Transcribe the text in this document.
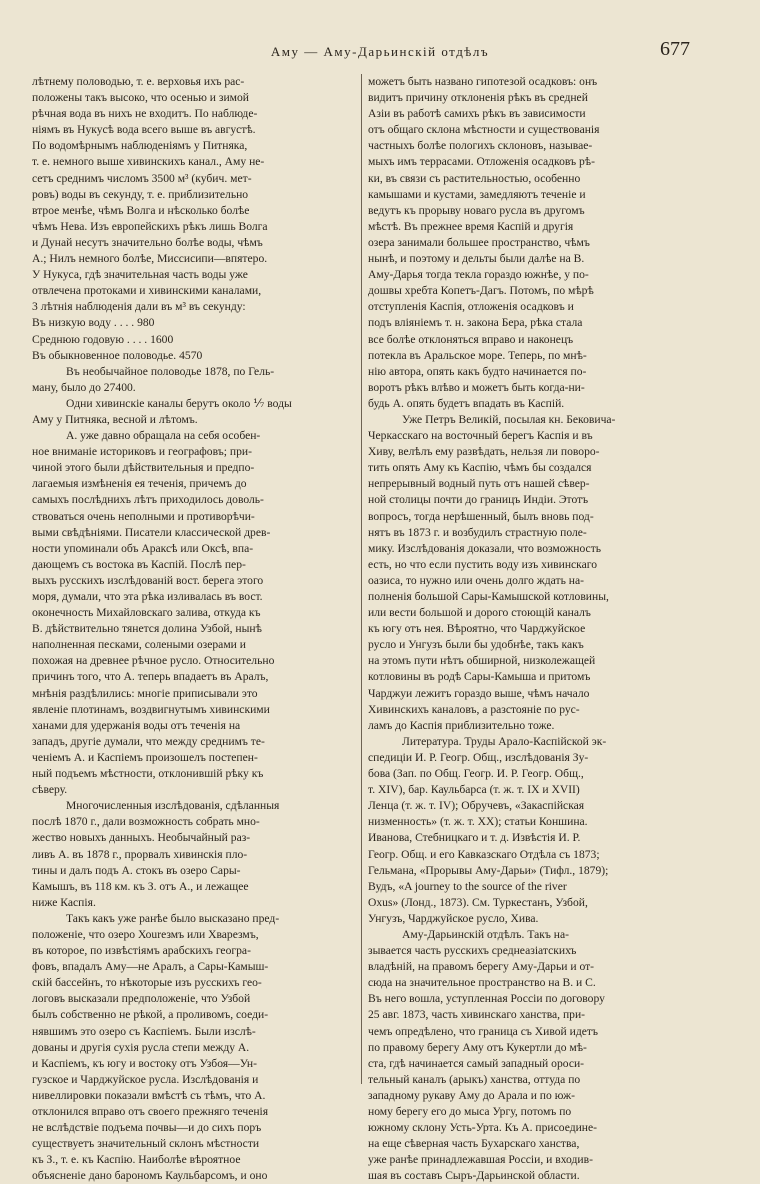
Аму — Аму-Дарьинскій отдѣлъ	677
лѣтнему половодью, т. е. верховья ихъ рас-
положены такъ высоко, что осенью и зимой
рѣчная вода въ нихъ не входитъ. По наблюде-
ніямъ въ Нукусѣ вода всего выше въ августѣ.
По водомѣрнымъ наблюденіямъ у Питняка,
т. е. немного выше хивинскихъ канал., Аму не-
сетъ среднимъ числомъ 3500 м³ (кубич. мет-
ровъ) воды въ секунду, т. е. приблизительно
втрое менѣе, чѣмъ Волга и нѣсколько болѣе
чѣмъ Нева. Изъ европейскихъ рѣкъ лишь Волга
и Дунай несутъ значительно болѣе воды, чѣмъ
А.; Нилъ немного болѣе, Миссисипи—впятеро.
У Нукуса, гдѣ значительная часть воды уже
отвлечена протоками и хивинскими каналами,
3 лѣтнія наблюденія дали въ м³ въ секунду:
Въ низкую воду . . . . 980
Среднюю годовую . . . . 1600
Въ обыкновенное половодье. 4570
Въ необычайное половодье 1878, по Гель-
ману, было до 27400.
Одни хивинскіе каналы берутъ около ⅐ воды
Аму у Питняка, весной и лѣтомъ.
А. уже давно обращала на себя особен-
ное вниманіе историковъ и географовъ; при-
чиной этого были дѣйствительныя и предпо-
лагаемыя измѣненія ея теченія, причемъ до
самыхъ послѣднихъ лѣтъ приходилось доволь-
ствоваться очень неполными и противорѣчи-
выми свѣдѣніями. Писатели классической древ-
ности упоминали объ Араксѣ или Оксѣ, впа-
дающемъ съ востока въ Каспій. Послѣ пер-
выхъ русскихъ изслѣдованій вост. берега этого
моря, думали, что эта рѣка изливалась въ вост.
оконечность Михайловскаго залива, откуда къ
В. дѣйствительно тянется долина Узбой, нынѣ
наполненная песками, солеными озерами и
похожая на древнее рѣчное русло. Относительно
причинъ того, что А. теперь впадаетъ въ Аралъ,
мнѣнія раздѣлились: многіе приписывали это
явленіе плотинамъ, воздвигнутымъ хивинскими
ханами для удержанія воды отъ теченія на
западъ, другіе думали, что между среднимъ те-
ченіемъ А. и Каспіемъ произошелъ постепен-
ный подъемъ мѣстности, отклонившій рѣку къ
сѣверу.
Многочисленныя изслѣдованія, сдѣланныя
послѣ 1870 г., дали возможность собрать мно-
жество новыхъ данныхъ. Необычайный раз-
ливъ А. въ 1878 г., прорвалъ хивинскія пло-
тины и далъ подъ А. стокъ въ озеро Сары-
Камышъ, въ 118 км. къ З. отъ А., и лежащее
ниже Каспія.
Такъ какъ уже ранѣе было высказано пред-
положеніе, что озеро Хоurезмъ или Хварезмъ,
въ которое, по извѣстіямъ арабскихъ геогра-
фовъ, впадалъ Аму—не Аралъ, а Сары-Камыш-
скій бассейнъ, то нѣкоторые изъ русскихъ гео-
логовъ высказали предположеніе, что Узбой
былъ собственно не рѣкой, а проливомъ, соеди-
нявшимъ это озеро съ Каспіемъ. Были изслѣ-
дованы и другія сухія русла степи между А.
и Каспіемъ, къ югу и востоку отъ Узбоя—Ун-
гузское и Чарджуйское русла. Изслѣдованія и
нивеллировки показали вмѣстѣ съ тѣмъ, что А.
отклонился вправо отъ своего прежняго теченія
не вслѣдствіе подъема почвы—и до сихъ поръ
существуетъ значительный склонъ мѣстности
къ З., т. е. къ Каспію. Наиболѣе вѣроятное
объясненіе дано барономъ Каульбарсомъ, и оно
можетъ быть названо гипотезой осадковъ: онъ
видитъ причину отклоненія рѣкъ въ средней
Азіи въ работѣ самихъ рѣкъ въ зависимости
отъ общаго склона мѣстности и существованія
частныхъ болѣе пологихъ склоновъ, называе-
мыхъ имъ террасами. Отложенія осадковъ рѣ-
ки, въ связи съ растительностью, особенно
камышами и кустами, замедляютъ теченіе и
ведутъ къ прорыву новаго русла въ другомъ
мѣстѣ. Въ прежнее время Каспій и другія
озера занимали большее пространство, чѣмъ
нынѣ, и поэтому и дельты были далѣе на В.
Аму-Дарья тогда текла гораздо южнѣе, у по-
дошвы хребта Копетъ-Дагъ. Потомъ, по мѣрѣ
отступленія Каспія, отложенія осадковъ и
подъ вліяніемъ т. н. закона Бера, рѣка стала
все болѣе отклоняться вправо и наконецъ
потекла въ Аральское море. Теперь, по мнѣ-
нію автора, опять какъ будто начинается по-
воротъ рѣкъ влѣво и можетъ быть когда-ни-
будь А. опять будетъ впадать въ Каспій.
Уже Петръ Великій, посылая кн. Бековича-
Черкасскаго на восточный берегъ Каспія и въ
Хиву, велѣлъ ему развѣдать, нельзя ли поворо-
тить опять Аму къ Каспію, чѣмъ бы создался
непрерывный водный путь отъ нашей сѣвер-
ной столицы почти до границъ Индіи. Этотъ
вопросъ, тогда нерѣшенный, былъ вновь под-
нятъ въ 1873 г. и возбудилъ страстную поле-
мику. Изслѣдованія доказали, что возможность
есть, но что если пустить воду изъ хивинскаго
оазиса, то нужно или очень долго ждать на-
полненія большой Сары-Камышской котловины,
или вести большой и дорого стоющій каналъ
къ югу отъ нея. Вѣроятно, что Чарджуйское
русло и Унгузъ были бы удобнѣе, такъ какъ
на этомъ пути нѣтъ обширной, низколежащей
котловины въ родѣ Сары-Камыша и притомъ
Чарджуи лежитъ гораздо выше, чѣмъ начало
Хивинскихъ каналовъ, а разстояніе по рус-
ламъ до Каспія приблизительно тоже.
Литература. Труды Арало-Каспійской эк-
спедиціи И. Р. Геогр. Общ., изслѣдованія Зу-
бова (Зап. по Общ. Геогр. И. Р. Геогр. Общ.,
т. XIV), бар. Каульбарса (т. ж. т. IX и XVII)
Ленца (т. ж. т. IV); Обручевъ, «Закаспійская
низменность» (т. ж. т. XX); статьи Коншина.
Иванова, Стебницкаго и т. д. Извѣстія И. Р.
Геогр. Общ. и его Кавказскаго Отдѣла съ 1873;
Гельмана, «Прорывы Аму-Дарьи» (Тифл., 1879);
Вудъ, «A journey to the source of the river
Oxus» (Лонд., 1873). См. Туркестанъ, Узбой,
Унгузъ, Чарджуйское русло, Хива.
Аму-Дарьинскій отдѣлъ. Такъ на-
зывается часть русскихъ среднеазіатскихъ
владѣній, на правомъ берегу Аму-Дарьи и от-
сюда на значительное пространство на В. и С.
Въ него вошла, уступленная Россіи по договору
25 авг. 1873, часть хивинскаго ханства, при-
чемъ опредѣлено, что граница съ Хивой идетъ
по правому берегу Аму отъ Кукертли до мѣ-
ста, гдѣ начинается самый западный ороси-
тельный каналъ (арыкъ) ханства, оттуда по
западному рукаву Аму до Арала и по юж-
ному берегу его до мыса Ургу, потомъ по
южному склону Усть-Урта. Къ А. присоедине-
на еще сѣверная часть Бухарскаго ханства,
уже ранѣе принадлежавшая Россіи, и входив-
шая въ составъ Сыръ-Дарьинской области.
